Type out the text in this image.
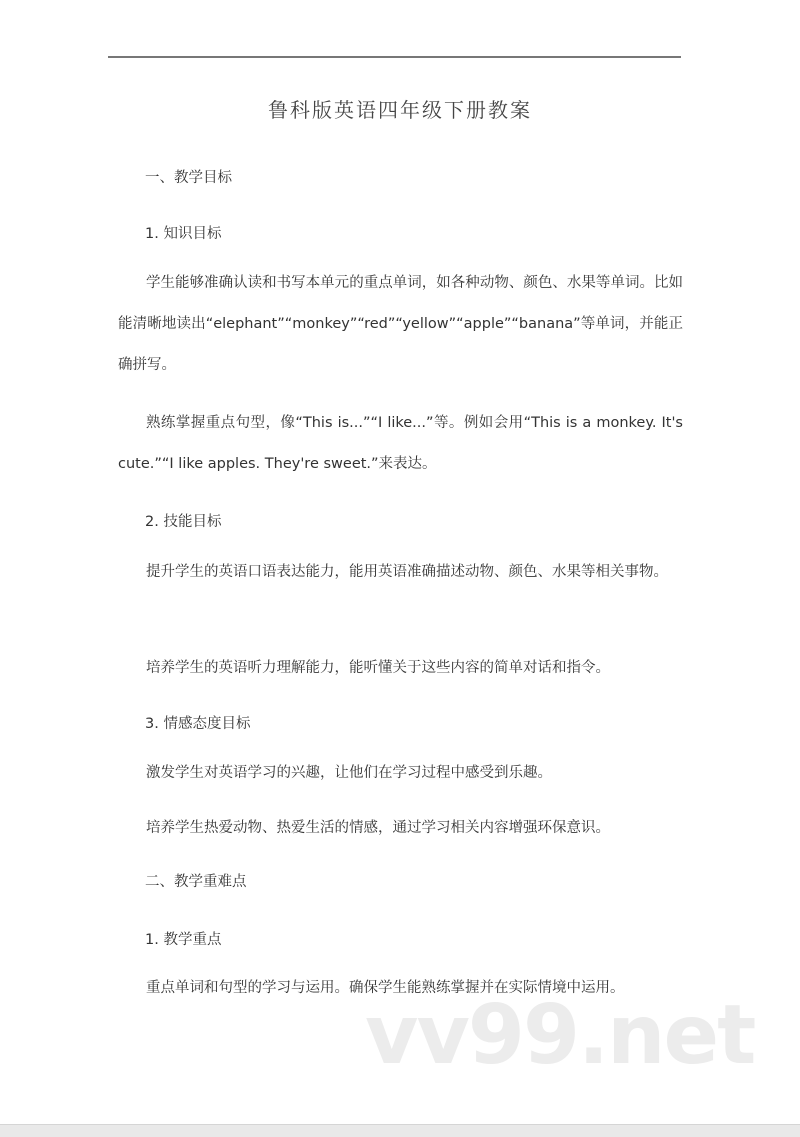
鲁科版英语四年级下册教案
一、教学目标
1. 知识目标
学生能够准确认读和书写本单元的重点单词，如各种动物、颜色、水果等单词。比如能清晰地读出“elephant”“monkey”“red”“yellow”“apple”“banana”等单词，并能正确拼写。
熟练掌握重点句型，像“This is...”“I like...”等。例如会用“This is a monkey. It's cute.”“I like apples. They're sweet.”来表达。
2. 技能目标
提升学生的英语口语表达能力，能用英语准确描述动物、颜色、水果等相关事物。
培养学生的英语听力理解能力，能听懂关于这些内容的简单对话和指令。
3. 情感态度目标
激发学生对英语学习的兴趣，让他们在学习过程中感受到乐趣。
培养学生热爱动物、热爱生活的情感，通过学习相关内容增强环保意识。
二、教学重难点
1. 教学重点
重点单词和句型的学习与运用。确保学生能熟练掌握并在实际情境中运用。
vv99.net
